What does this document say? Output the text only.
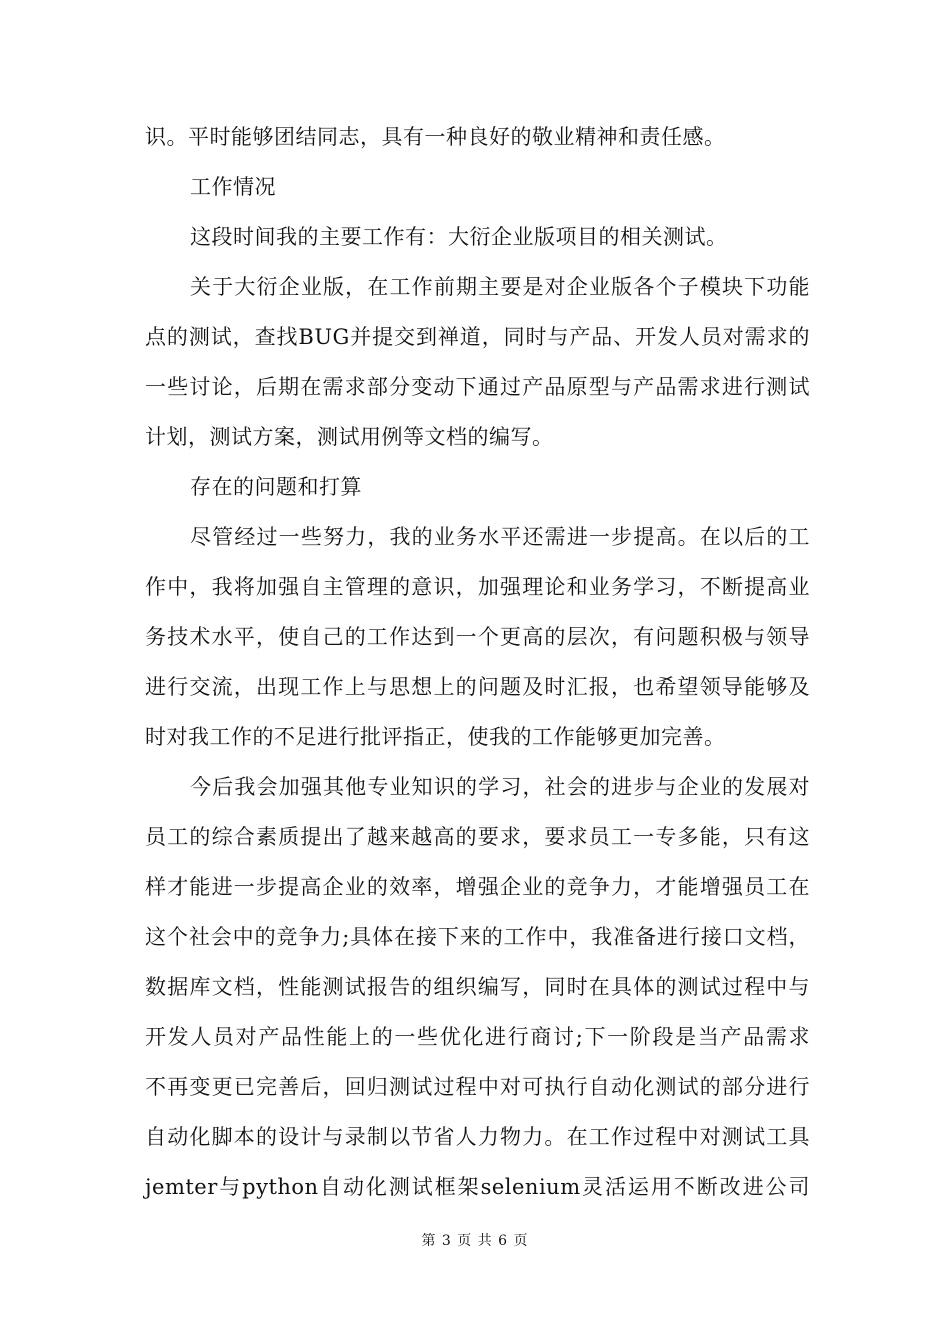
识。平时能够团结同志，具有一种良好的敬业精神和责任感。
工作情况
这段时间我的主要工作有：大衍企业版项目的相关测试。
关于大衍企业版，在工作前期主要是对企业版各个子模块下功能
点的测试，查找BUG并提交到禅道，同时与产品、开发人员对需求的
一些讨论，后期在需求部分变动下通过产品原型与产品需求进行测试
计划，测试方案，测试用例等文档的编写。
存在的问题和打算
尽管经过一些努力，我的业务水平还需进一步提高。在以后的工
作中，我将加强自主管理的意识，加强理论和业务学习，不断提高业
务技术水平，使自己的工作达到一个更高的层次，有问题积极与领导
进行交流，出现工作上与思想上的问题及时汇报，也希望领导能够及
时对我工作的不足进行批评指正，使我的工作能够更加完善。
今后我会加强其他专业知识的学习，社会的进步与企业的发展对
员工的综合素质提出了越来越高的要求，要求员工一专多能，只有这
样才能进一步提高企业的效率，增强企业的竞争力，才能增强员工在
这个社会中的竞争力;具体在接下来的工作中，我准备进行接口文档，
数据库文档，性能测试报告的组织编写，同时在具体的测试过程中与
开发人员对产品性能上的一些优化进行商讨;下一阶段是当产品需求
不再变更已完善后，回归测试过程中对可执行自动化测试的部分进行
自动化脚本的设计与录制以节省人力物力。在工作过程中对测试工具
jemter与python自动化测试框架selenium灵活运用不断改进公司
第 3 页 共 6 页
